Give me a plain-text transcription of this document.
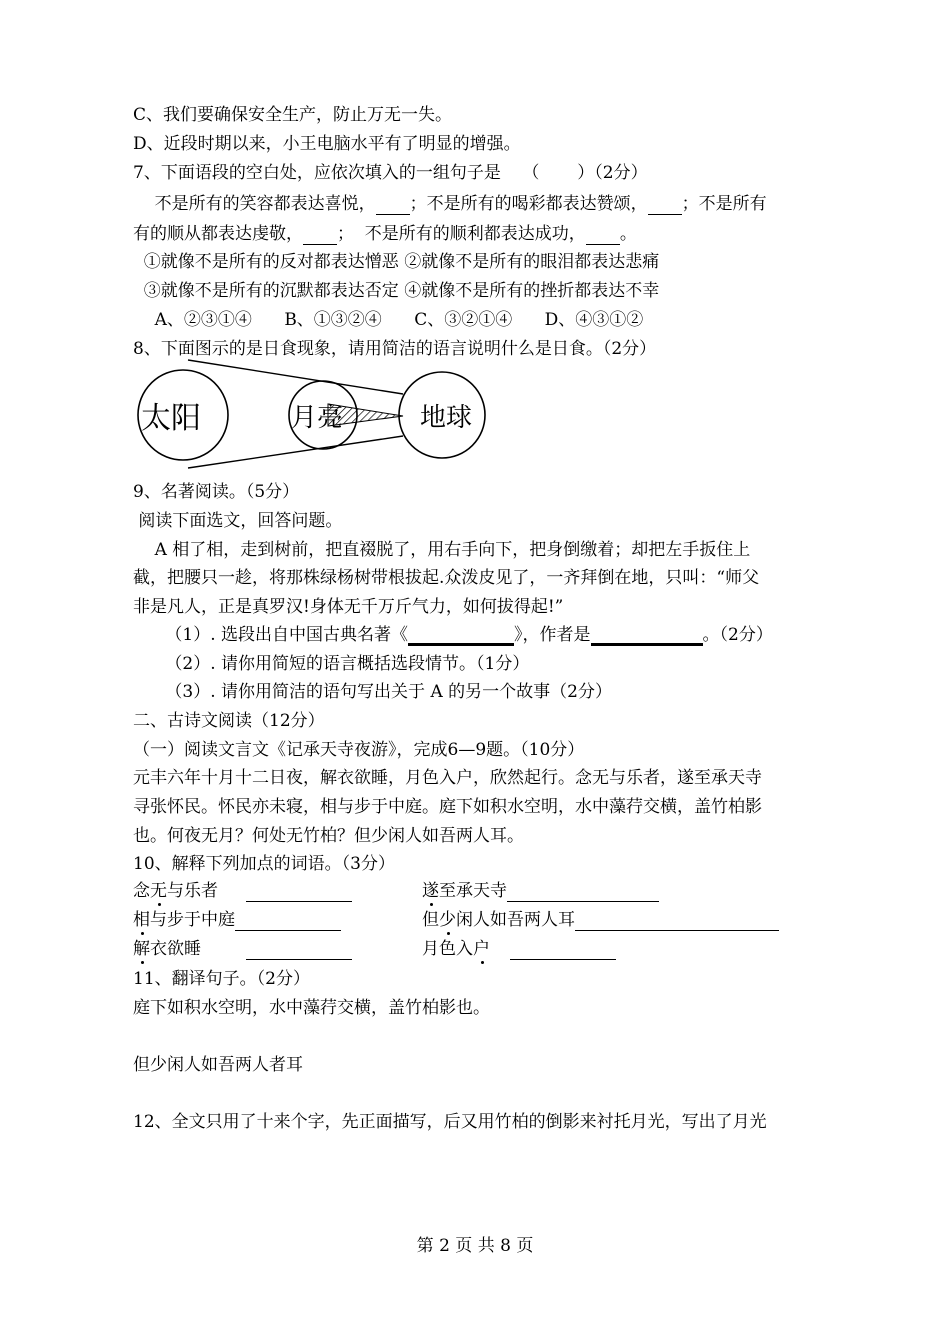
C、我们要确保安全生产，防止万无一失。
D、近段时期以来，小王电脑水平有了明显的增强。
7、下面语段的空白处，应依次填入的一组句子是    （       ）（2分）
不是所有的笑容都表达喜悦， ；不是所有的喝彩都表达赞颂， ；不是所有
有的顺从都表达虔敬， ；  不是所有的顺利都表达成功， 。
①就像不是所有的反对都表达憎恶 ②就像不是所有的眼泪都表达悲痛
③就像不是所有的沉默都表达否定 ④就像不是所有的挫折都表达不幸
A、②③①④      B、①③②④      C、③②①④      D、④③①②
8、下面图示的是日食现象，请用简洁的语言说明什么是日食。（2分）
太阳	月亮	地球
9、名著阅读。（5分）
阅读下面选文，回答问题。
A 相了相，走到树前，把直裰脱了，用右手向下，把身倒缴着；却把左手扳住上
截，把腰只一趁，将那株绿杨树带根拔起.众泼皮见了，一齐拜倒在地，只叫：“师父
非是凡人，正是真罗汉!身体无千万斤气力，如何拔得起!”
（1）. 选段出自中国古典名著《	》，作者是	。（2分）
（2）. 请你用简短的语言概括选段情节。（1分）
（3）. 请你用简洁的语句写出关于 A 的另一个故事（2分）
二、古诗文阅读（12分）
（一）阅读文言文《记承天寺夜游》，完成6—9题。（10分）
元丰六年十月十二日夜，解衣欲睡，月色入户，欣然起行。念无与乐者，遂至承天寺
寻张怀民。怀民亦未寝，相与步于中庭。庭下如积水空明，水中藻荇交横，盖竹柏影
也。何夜无月？何处无竹柏？但少闲人如吾两人耳。
10、解释下列加点的词语。（3分）
念无与乐者	遂至承天寺
相与步于中庭	但少闲人如吾两人耳
解衣欲睡	月色入户
11、翻译句子。（2分）
庭下如积水空明，水中藻荇交横，盖竹柏影也。
但少闲人如吾两人者耳
12、全文只用了十来个字，先正面描写，后又用竹柏的倒影来衬托月光，写出了月光
第 2 页 共 8 页
